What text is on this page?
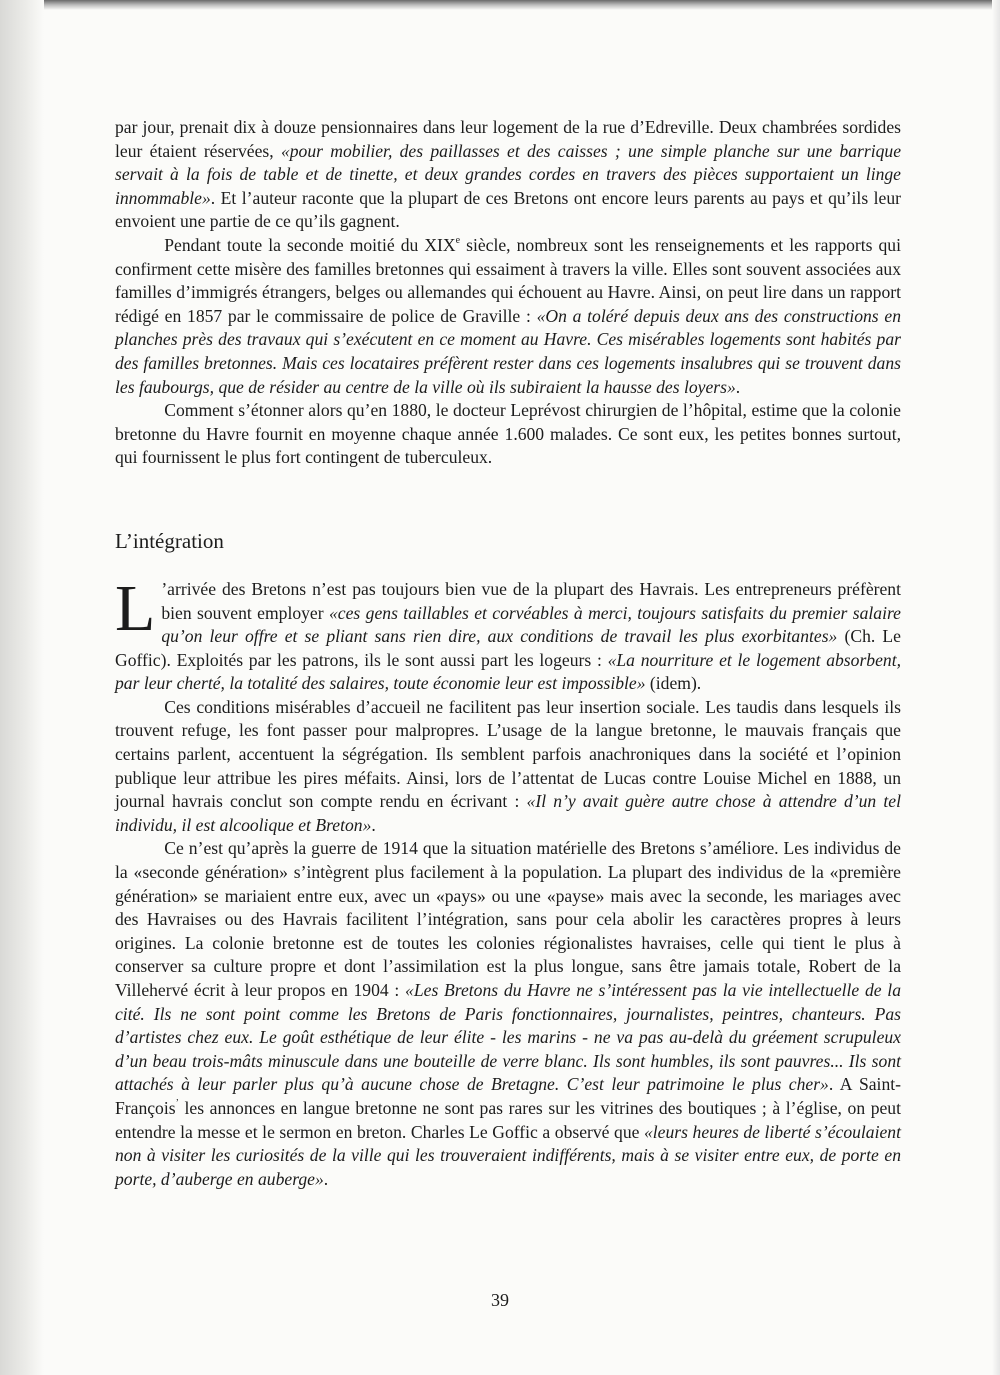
par jour, prenait dix à douze pensionnaires dans leur logement de la rue d’Edreville. Deux chambrées sordides leur étaient réservées, «pour mobilier, des paillasses et des caisses ; une simple planche sur une barrique servait à la fois de table et de tinette, et deux grandes cordes en travers des pièces supportaient un linge innommable». Et l’auteur raconte que la plupart de ces Bretons ont encore leurs parents au pays et qu’ils leur envoient une partie de ce qu’ils gagnent.

Pendant toute la seconde moitié du XIXe siècle, nombreux sont les renseignements et les rapports qui confirment cette misère des familles bretonnes qui essaiment à travers la ville. Elles sont souvent associées aux familles d’immigrés étrangers, belges ou allemandes qui échouent au Havre. Ainsi, on peut lire dans un rapport rédigé en 1857 par le commissaire de police de Graville : «On a toléré depuis deux ans des constructions en planches près des travaux qui s’exécutent en ce moment au Havre. Ces misérables logements sont habités par des familles bretonnes. Mais ces locataires préfèrent rester dans ces logements insalubres qui se trouvent dans les faubourgs, que de résider au centre de la ville où ils subiraient la hausse des loyers».

Comment s’étonner alors qu’en 1880, le docteur Leprévost chirurgien de l’hôpital, estime que la colonie bretonne du Havre fournit en moyenne chaque année 1.600 malades. Ce sont eux, les petites bonnes surtout, qui fournissent le plus fort contingent de tuberculeux.

L’intégration

L ’arrivée des Bretons n’est pas toujours bien vue de la plupart des Havrais. Les entrepreneurs préfèrent bien souvent employer «ces gens taillables et corvéables à merci, toujours satisfaits du premier salaire qu’on leur offre et se pliant sans rien dire, aux conditions de travail les plus exorbitantes» (Ch. Le Goffic). Exploités par les patrons, ils le sont aussi part les logeurs : «La nourriture et le logement absorbent, par leur cherté, la totalité des salaires, toute économie leur est impossible» (idem).

Ces conditions misérables d’accueil ne facilitent pas leur insertion sociale. Les taudis dans lesquels ils trouvent refuge, les font passer pour malpropres. L’usage de la langue bretonne, le mauvais français que certains parlent, accentuent la ségrégation. Ils semblent parfois anachroniques dans la société et l’opinion publique leur attribue les pires méfaits. Ainsi, lors de l’attentat de Lucas contre Louise Michel en 1888, un journal havrais conclut son compte rendu en écrivant : «Il n’y avait guère autre chose à attendre d’un tel individu, il est alcoolique et Breton».

Ce n’est qu’après la guerre de 1914 que la situation matérielle des Bretons s’améliore. Les individus de la «seconde génération» s’intègrent plus facilement à la population. La plupart des individus de la «première génération» se mariaient entre eux, avec un «pays» ou une «payse» mais avec la seconde, les mariages avec des Havraises ou des Havrais facilitent l’intégration, sans pour cela abolir les caractères propres à leurs origines. La colonie bretonne est de toutes les colonies régionalistes havraises, celle qui tient le plus à conserver sa culture propre et dont l’assimilation est la plus longue, sans être jamais totale, Robert de la Villehervé écrit à leur propos en 1904 : «Les Bretons du Havre ne s’intéressent pas la vie intellectuelle de la cité. Ils ne sont point comme les Bretons de Paris fonctionnaires, journalistes, peintres, chanteurs. Pas d’artistes chez eux. Le goût esthétique de leur élite - les marins - ne va pas au-delà du gréement scrupuleux d’un beau trois-mâts minuscule dans une bouteille de verre blanc. Ils sont humbles, ils sont pauvres... Ils sont attachés à leur parler plus qu’à aucune chose de Bretagne. C’est leur patrimoine le plus cher». A Saint-François’ les annonces en langue bretonne ne sont pas rares sur les vitrines des boutiques ; à l’église, on peut entendre la messe et le sermon en breton. Charles Le Goffic a observé que «leurs heures de liberté s’écoulaient non à visiter les curiosités de la ville qui les trouveraient indifférents, mais à se visiter entre eux, de porte en porte, d’auberge en auberge».

39
